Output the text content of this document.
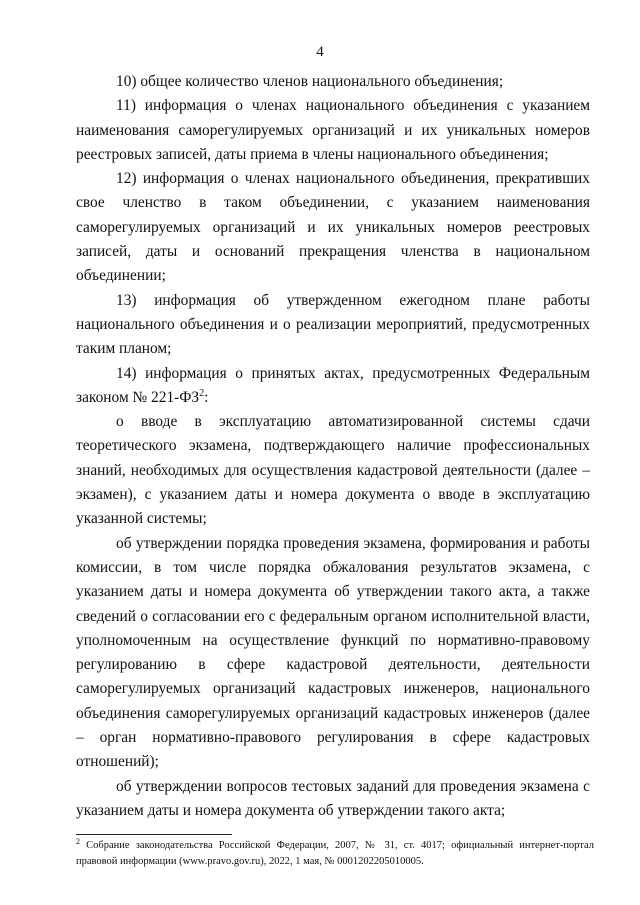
4

10) общее количество членов национального объединения;

11) информация о членах национального объединения с указанием наименования саморегулируемых организаций и их уникальных номеров реестровых записей, даты приема в члены национального объединения;

12) информация о членах национального объединения, прекративших свое членство в таком объединении, с указанием наименования саморегулируемых организаций и их уникальных номеров реестровых записей, даты и оснований прекращения членства в национальном объединении;

13) информация об утвержденном ежегодном плане работы национального объединения и о реализации мероприятий, предусмотренных таким планом;

14) информация о принятых актах, предусмотренных Федеральным законом № $221-ФЗ^2$:

о вводе в эксплуатацию автоматизированной системы сдачи теоретического экзамена, подтверждающего наличие профессиональных знаний, необходимых для осуществления кадастровой деятельности (далее – экзамен), с указанием даты и номера документа о вводе в эксплуатацию указанной системы;

об утверждении порядка проведения экзамена, формирования и работы комиссии, в том числе порядка обжалования результатов экзамена, с указанием даты и номера документа об утверждении такого акта, а также сведений о согласовании его с федеральным органом исполнительной власти, уполномоченным на осуществление функций по нормативно-правовому регулированию в сфере кадастровой деятельности, деятельности саморегулируемых организаций кадастровых инженеров, национального объединения саморегулируемых организаций кадастровых инженеров (далее – орган нормативно-правового регулирования в сфере кадастровых отношений);

об утверждении вопросов тестовых заданий для проведения экзамена с указанием даты и номера документа об утверждении такого акта;

$^2$ Собрание законодательства Российской Федерации, 2007, № 31, ст. 4017; официальный интернет-портал правовой информации (www.pravo.gov.ru), 2022, 1 мая, № 0001202205010005.
